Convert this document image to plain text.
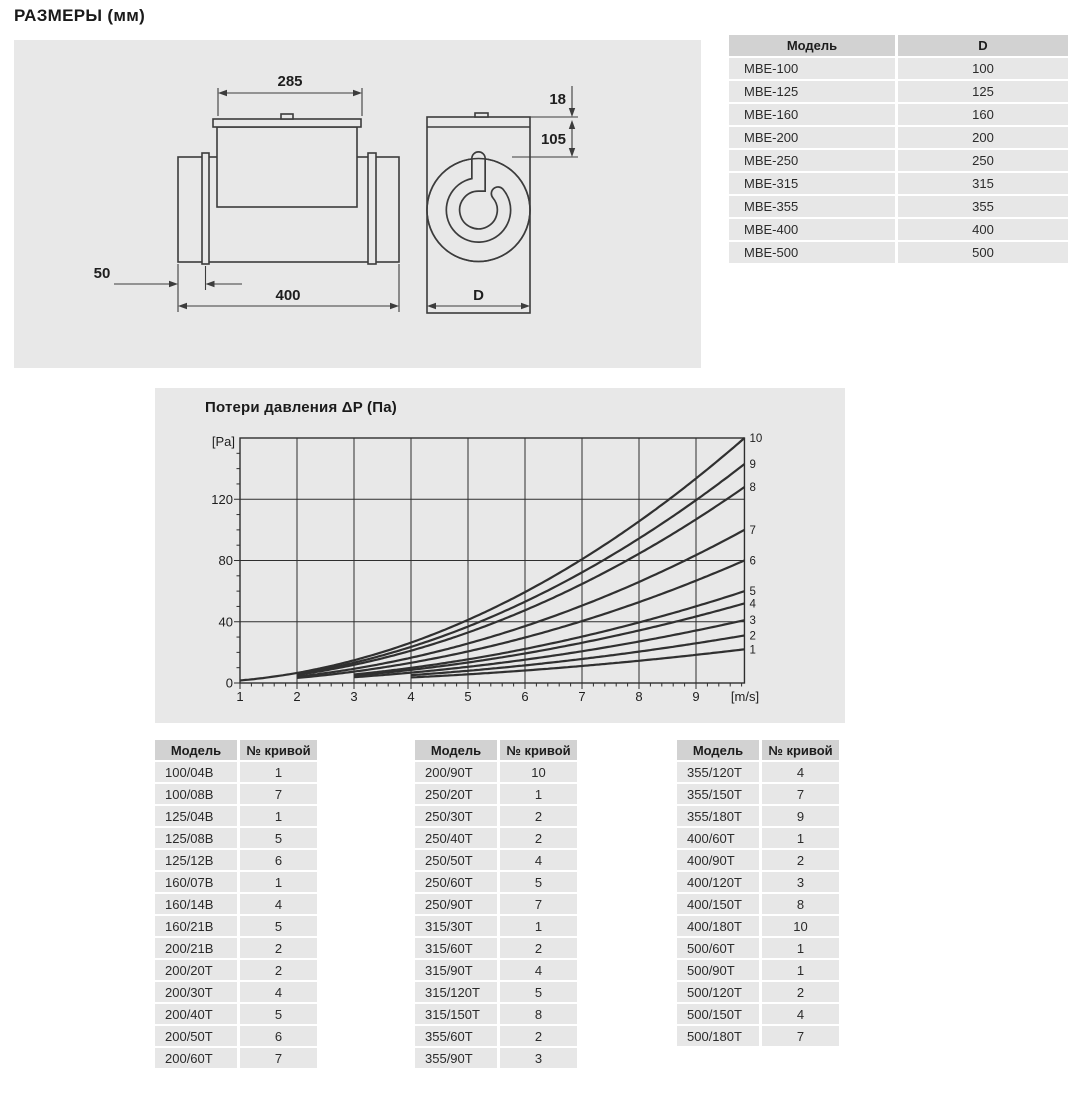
РАЗМЕРЫ (мм)
285
50
400	D
18
105
Модель	D
MBE-100	100
MBE-125	125
MBE-160	160
MBE-200	200
MBE-250	250
MBE-315	315
MBE-355	355
MBE-400	400
MBE-500	500
Потери давления ΔP (Па)
1	2	3	4	5	6	7	8	9 [m/s]
0
40
80
120
[Pa]
1
2
3
4
5
6
7
8
9
10
Модель	№ кривой
100/04B	1
100/08B	7
125/04B	1
125/08B	5
125/12B	6
160/07B	1
160/14B	4
160/21B	5
200/21B	2
200/20T	2
200/30T	4
200/40T	5
200/50T	6
200/60T	7
Модель	№ кривой
200/90T	10
250/20T	1
250/30T	2
250/40T	2
250/50T	4
250/60T	5
250/90T	7
315/30T	1
315/60T	2
315/90T	4
315/120T	5
315/150T	8
355/60T	2
355/90T	3
Модель	№ кривой
355/120T	4
355/150T	7
355/180T	9
400/60T	1
400/90T	2
400/120T	3
400/150T	8
400/180T	10
500/60T	1
500/90T	1
500/120T	2
500/150T	4
500/180T	7
